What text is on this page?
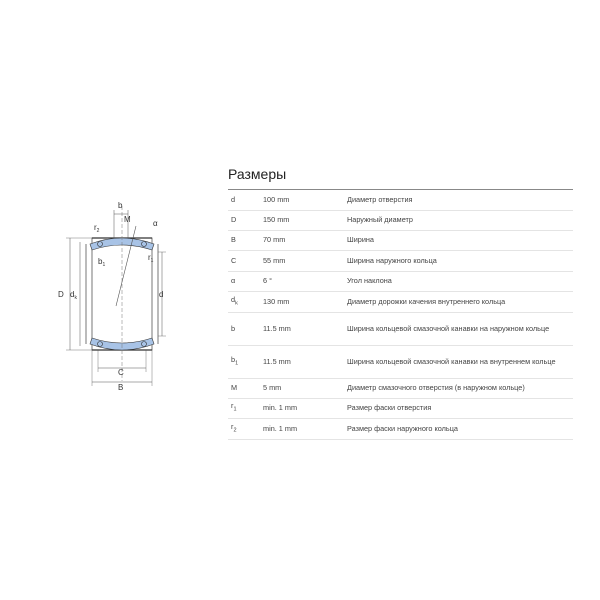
b
M
$r_2$
α
$b_1$
$r_1$
D $d_k$	d
C
B
Размеры
d	100 mm	Диаметр отверстия
D	150 mm	Наружный диаметр
B	70 mm	Ширина
C	55 mm	Ширина наружного кольца
α	6 °	Угол наклона
$d_k$	130 mm	Диаметр дорожки качения внутреннего кольца
b	11.5 mm	Ширина кольцевой смазочной канавки на наружном кольце
$b_1$	11.5 mm	Ширина кольцевой смазочной канавки на внутреннем кольце
M	5 mm	Диаметр смазочного отверстия (в наружном кольце)
$r_1$	min. 1 mm	Размер фаски отверстия
$r_2$	min. 1 mm	Размер фаски наружного кольца
